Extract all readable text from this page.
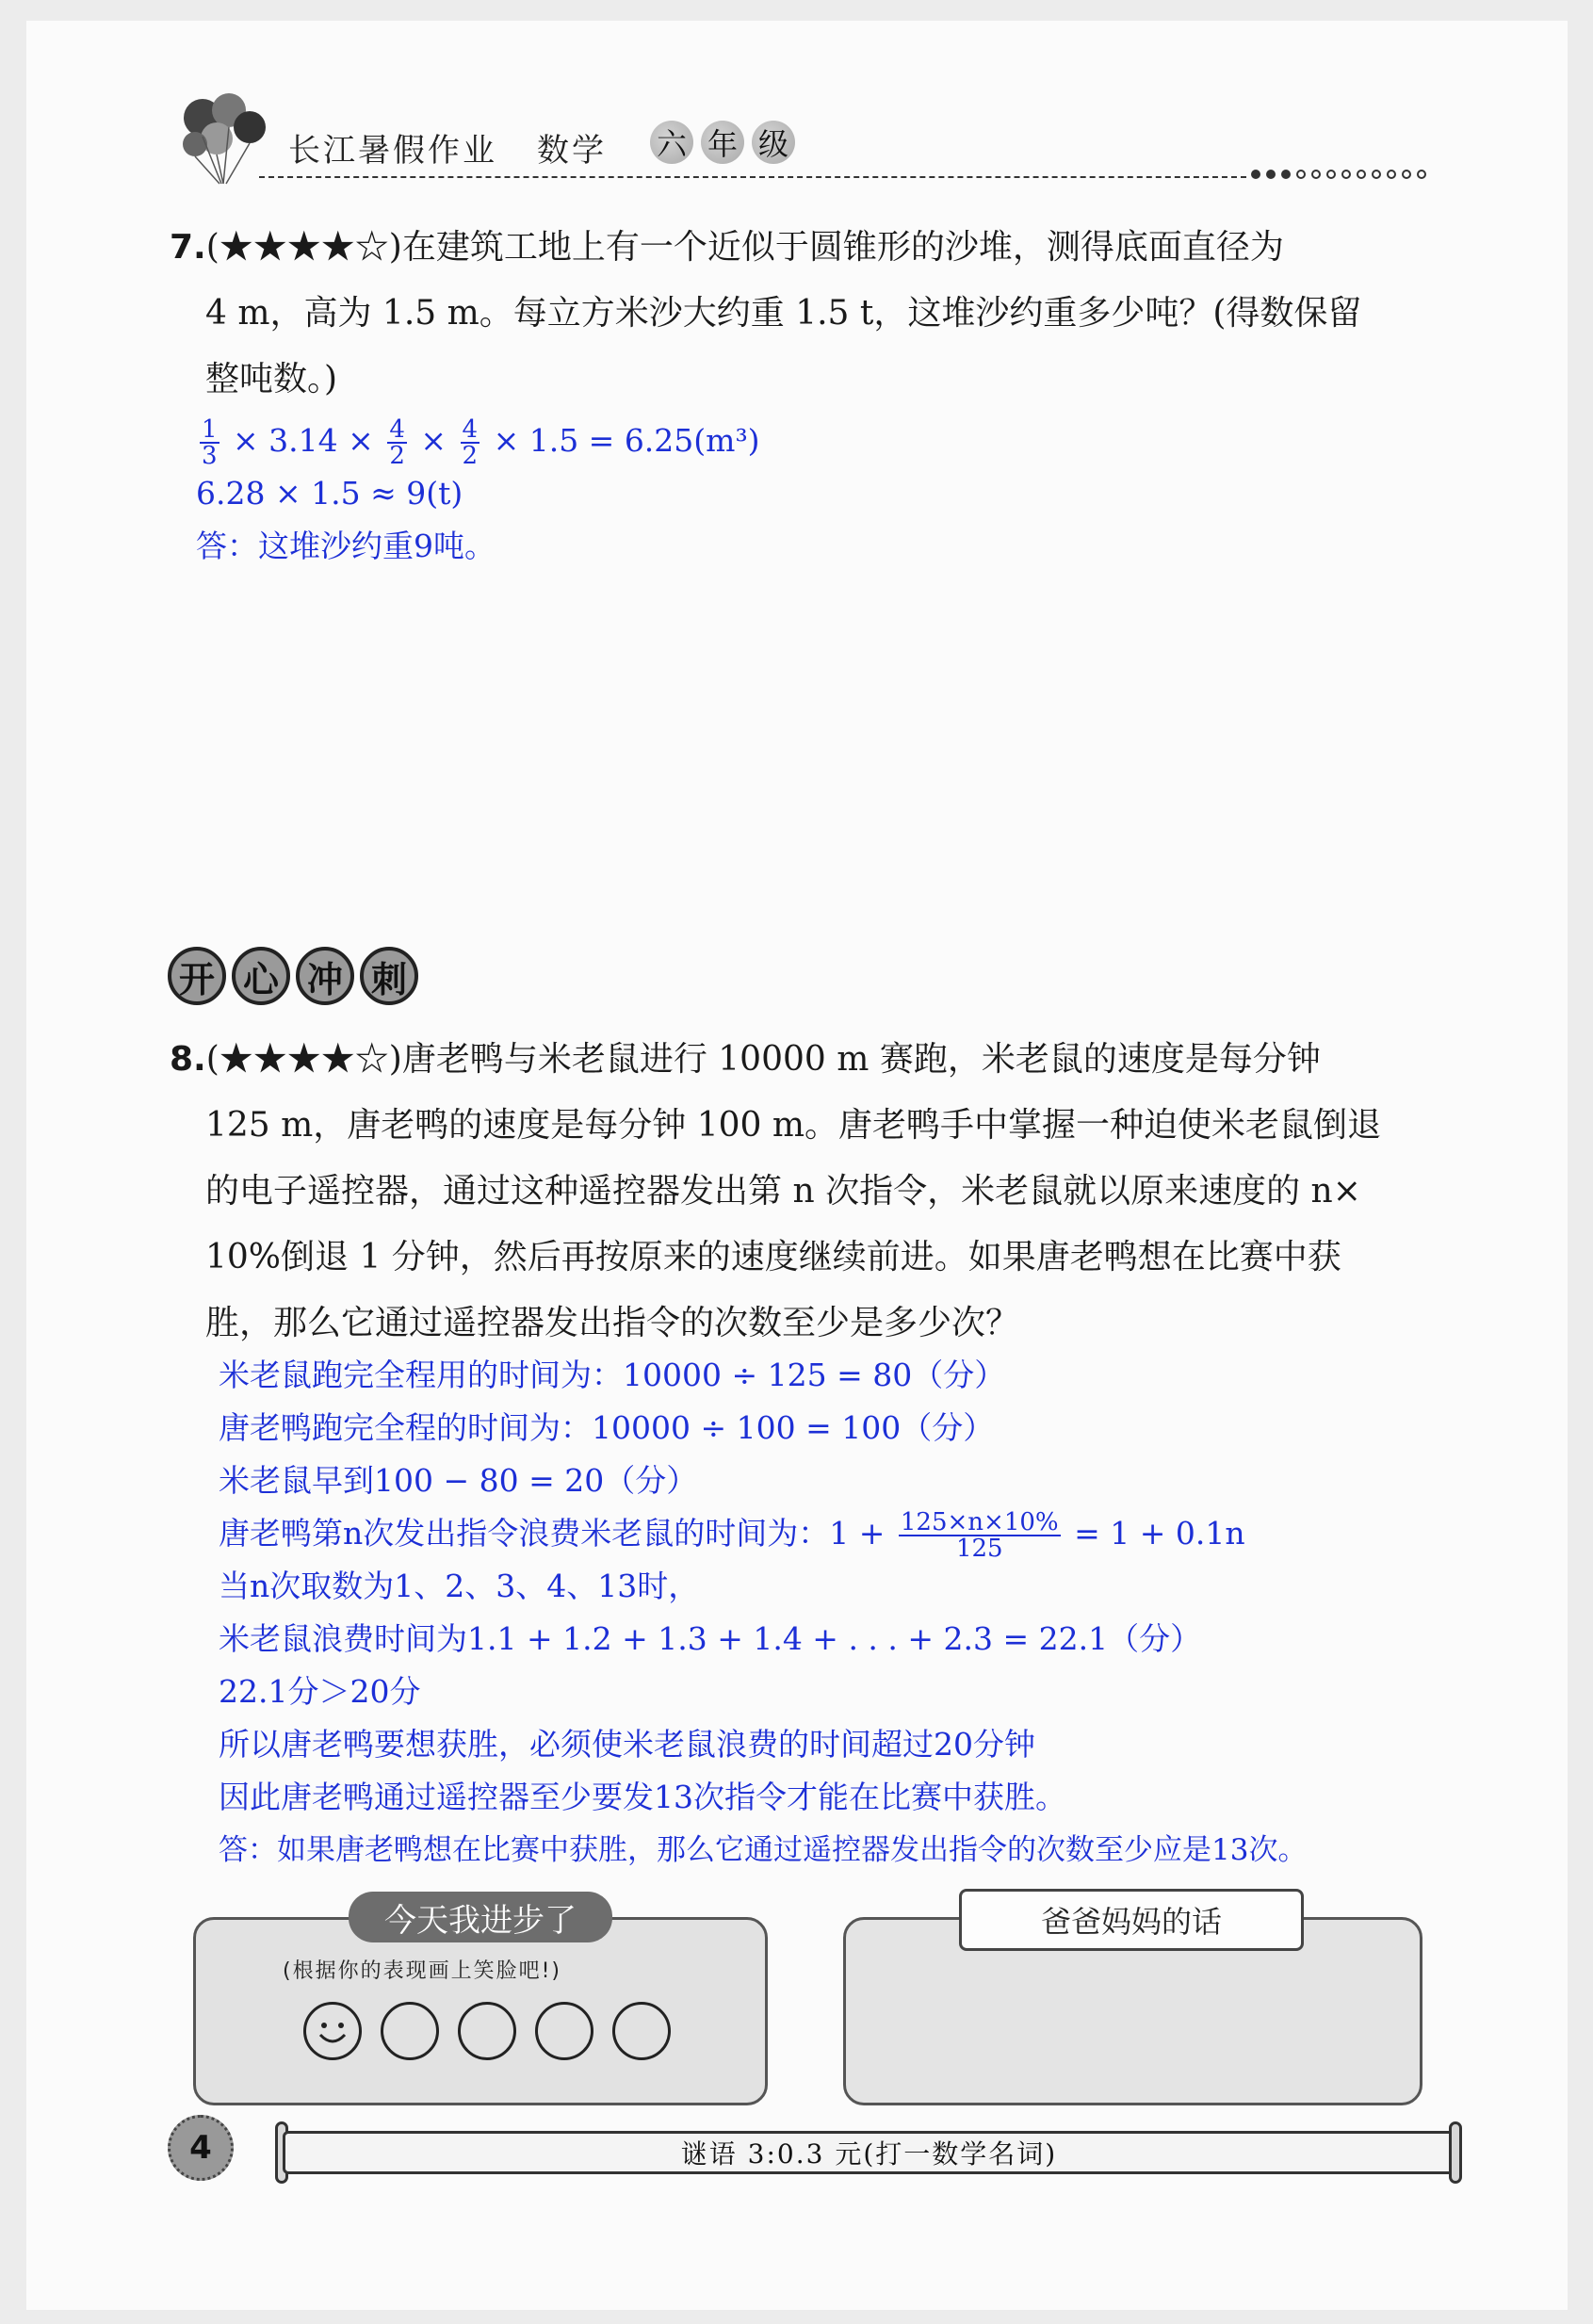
长江暑假作业 数学 六 年 级
7.(★★★★☆)在建筑工地上有一个近似于圆锥形的沙堆，测得底面直径为
4 m，高为 1.5 m。每立方米沙大约重 1.5 t，这堆沙约重多少吨？(得数保留
整吨数。)
$\frac{1}{3} \times 3.14 \times \frac{4}{2} \times \frac{4}{2} \times 1.5 = 6.25(m^3)$
6.28 × 1.5 ≈ 9(t)
答：这堆沙约重9吨。
开 心 冲 刺
8.(★★★★☆)唐老鸭与米老鼠进行 10000 m 赛跑，米老鼠的速度是每分钟
125 m，唐老鸭的速度是每分钟 100 m。唐老鸭手中掌握一种迫使米老鼠倒退
的电子遥控器，通过这种遥控器发出第 n 次指令，米老鼠就以原来速度的 n×
10%倒退 1 分钟，然后再按原来的速度继续前进。如果唐老鸭想在比赛中获
胜，那么它通过遥控器发出指令的次数至少是多少次？
米老鼠跑完全程用的时间为：10000 ÷ 125 = 80（分）
唐老鸭跑完全程的时间为：10000 ÷ 100 = 100（分）
米老鼠早到100 − 80 = 20（分）
唐老鸭第n次发出指令浪费米老鼠的时间为：$1 + \frac{125\times n\times 10\%}{125} = 1 + 0.1n$
当n次取数为1、2、3、4、13时，
米老鼠浪费时间为1.1 + 1.2 + 1.3 + 1.4 + . . . + 2.3 = 22.1（分）
22.1分＞20分
所以唐老鸭要想获胜，必须使米老鼠浪费的时间超过20分钟
因此唐老鸭通过遥控器至少要发13次指令才能在比赛中获胜。
答：如果唐老鸭想在比赛中获胜，那么它通过遥控器发出指令的次数至少应是13次。
今天我进步了
(根据你的表现画上笑脸吧!)
爸爸妈妈的话
4	谜语 3:0.3 元(打一数学名词)
